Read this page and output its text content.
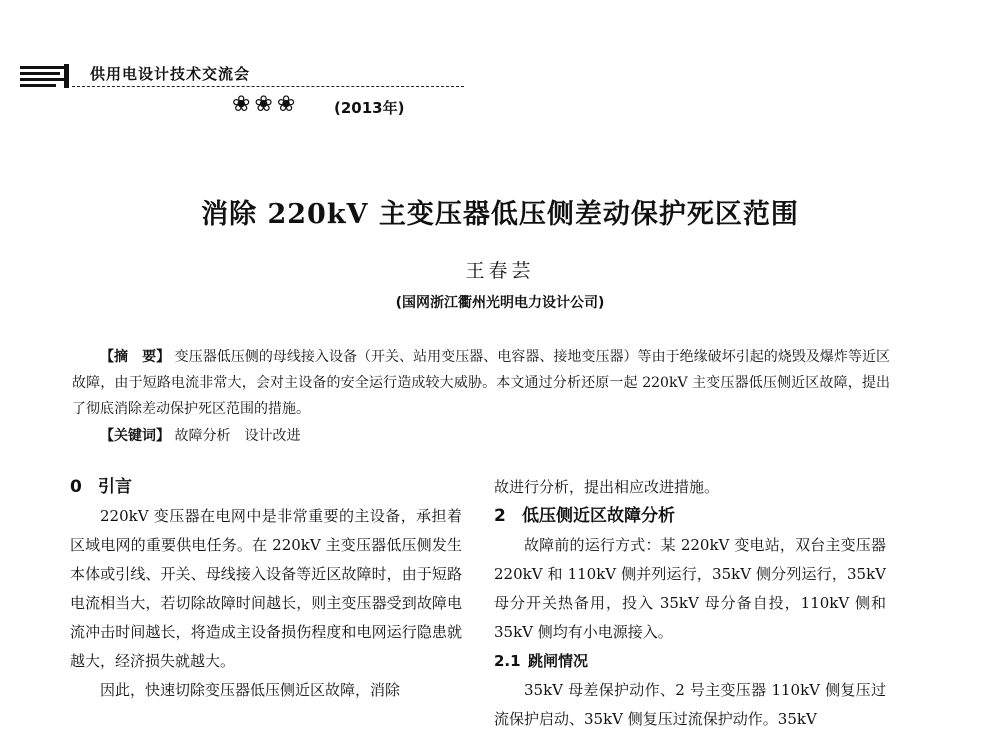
供用电设计技术交流会
❀❀❀ (2013年)
消除 220kV 主变压器低压侧差动保护死区范围
王春芸
(国网浙江衢州光明电力设计公司)

【摘　要】 变压器低压侧的母线接入设备（开关、站用变压器、电容器、接地变压器）等由于绝缘破坏引起的烧毁及爆炸等近区故障，由于短路电流非常大，会对主设备的安全运行造成较大威胁。本文通过分析还原一起 220kV 主变压器低压侧近区故障，提出了彻底消除差动保护死区范围的措施。

【关键词】 故障分析　设计改进

0 引言

220kV 变压器在电网中是非常重要的主设备，承担着区域电网的重要供电任务。在 220kV 主变压器低压侧发生本体或引线、开关、母线接入设备等近区故障时，由于短路电流相当大，若切除故障时间越长，则主变压器受到故障电流冲击时间越长，将造成主设备损伤程度和电网运行隐患就越大，经济损失就越大。

因此，快速切除变压器低压侧近区故障，消除

故进行分析，提出相应改进措施。

2 低压侧近区故障分析

故障前的运行方式：某 220kV 变电站，双台主变压器 220kV 和 110kV 侧并列运行，35kV 侧分列运行，35kV 母分开关热备用，投入 35kV 母分备自投，110kV 侧和 35kV 侧均有小电源接入。

2.1 跳闸情况

35kV 母差保护动作、2 号主变压器 110kV 侧复压过流保护启动、35kV 侧复压过流保护动作。35kV
